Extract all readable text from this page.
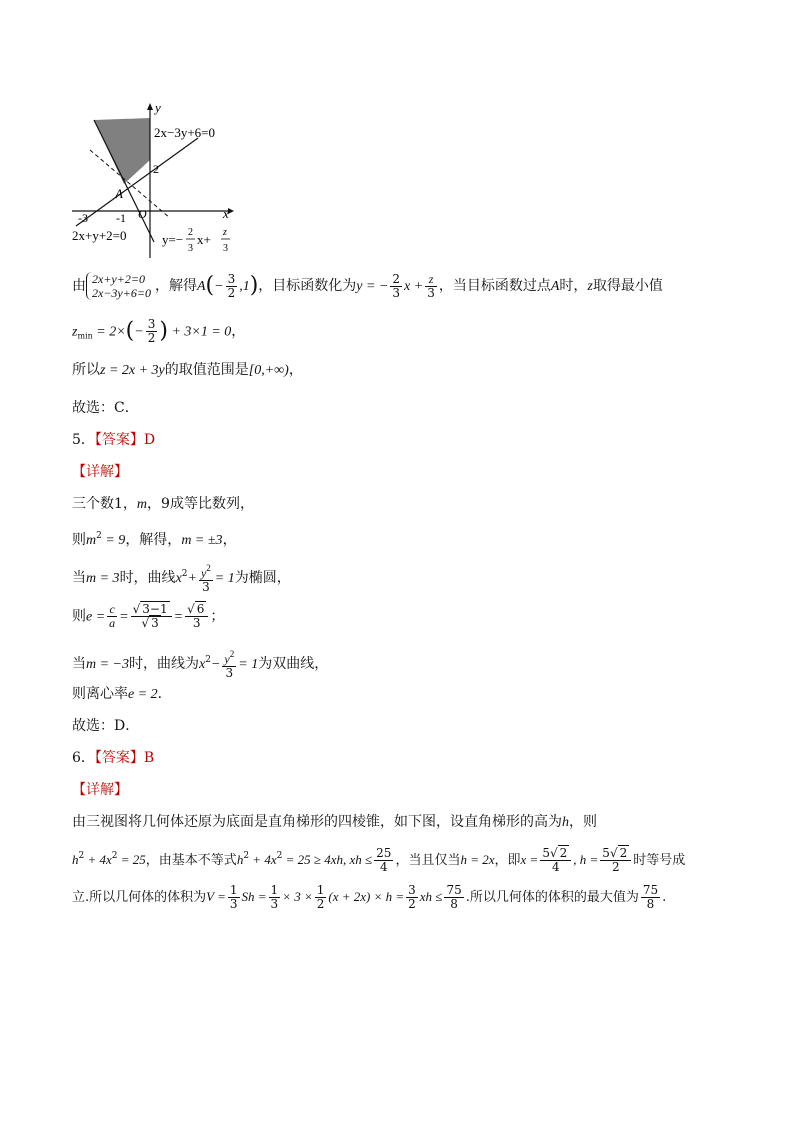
y
x
O
A
-3 -1
2
2x−3y+6=0
2x+y+2=0	y=− 2
3
x+ z
3
由 2x+y+2=0
2x−3y+6=0 ，解得$A(- \frac{3}{2} ,1)$，目标函数化为y = − $\frac{2}{3}$ $x + \frac{z}{3}$ ，当目标函数过点A时，z取得最小值
$z_{min} = 2\times(- \frac{3}{2}$ ) + 3×1 = 0，
所以z = 2x + 3y的取值范围是[0,+∞)，
故选：C．
5．【答案】D
【详解】
三个数1，m，9成等比数列，
则$m^2 = 9$，解得，m = ±3，
当m = 3时，曲线$x^2+ \frac{y^2}{3} = 1$为椭圆，
则$e = \frac{c}{a} = \frac{√ 3-1}{√ 3} = \frac{√ 6}{3}$ ；
当m = −3时，曲线为$x^2- \frac{y^2}{3} = 1$为双曲线，
则离心率e = 2．
故选：D．
6．【答案】B
【详解】
由三视图将几何体还原为底面是直角梯形的四棱锥，如下图，设直角梯形的高为h，则
$h^2 + 4x^2 = 25$，由基本不等式$h^2 + 4x^2 = 25 \ge 4xh$, xh ≤ $\frac{25}{4}$ ，当且仅当h = 2x，即$x = \frac{5√ 2}{4}$ , $h = \frac{5√ 2}{2}$ 时等号成
立.所以几何体的体积为$V = \frac{1}{3}$ $Sh = \frac{1}{3} \times 3 \times \frac{1}{2} (x + 2x) \times h = \frac{3}{2}$ xh ≤ $\frac{75}{8}$ .所以几何体的体积的最大值为 $\frac{75}{8}$ .
